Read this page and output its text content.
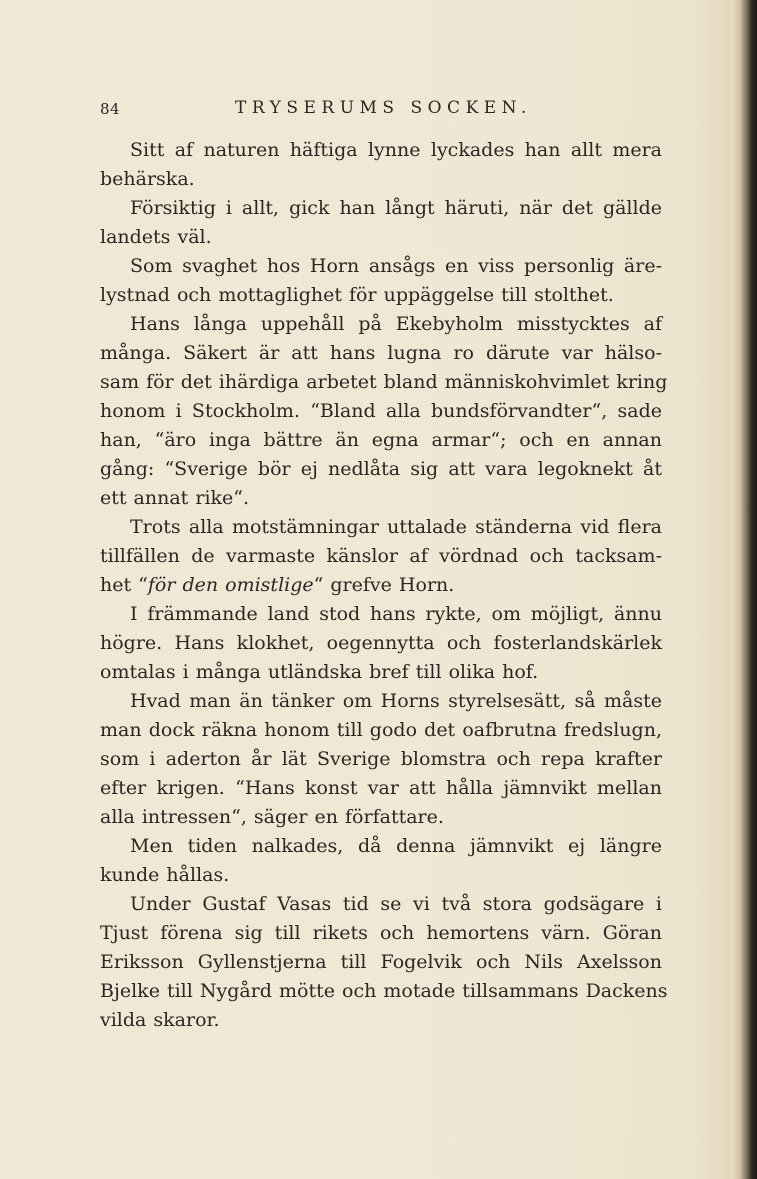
84	TRYSERUMS SOCKEN.
Sitt af naturen häftiga lynne lyckades han allt mera
behärska.
Försiktig i allt, gick han långt häruti, när det gällde
landets väl.
Som svaghet hos Horn ansågs en viss personlig äre-
lystnad och mottaglighet för uppäggelse till stolthet.
Hans långa uppehåll på Ekebyholm misstycktes af
många. Säkert är att hans lugna ro därute var hälso-
sam för det ihärdiga arbetet bland människohvimlet kring
honom i Stockholm. “Bland alla bundsförvandter“, sade
han, “äro inga bättre än egna armar“; och en annan
gång: “Sverige bör ej nedlåta sig att vara legoknekt åt
ett annat rike“.
Trots alla motstämningar uttalade ständerna vid flera
tillfällen de varmaste känslor af vördnad och tacksam-
het “för den omistlige“ grefve Horn.
I främmande land stod hans rykte, om möjligt, ännu
högre. Hans klokhet, oegennytta och fosterlandskärlek
omtalas i många utländska bref till olika hof.
Hvad man än tänker om Horns styrelsesätt, så måste
man dock räkna honom till godo det oafbrutna fredslugn,
som i aderton år lät Sverige blomstra och repa krafter
efter krigen. “Hans konst var att hålla jämnvikt mellan
alla intressen“, säger en författare.
Men tiden nalkades, då denna jämnvikt ej längre
kunde hållas.
Under Gustaf Vasas tid se vi två stora godsägare i
Tjust förena sig till rikets och hemortens värn. Göran
Eriksson Gyllenstjerna till Fogelvik och Nils Axelsson
Bjelke till Nygård mötte och motade tillsammans Dackens
vilda skaror.
